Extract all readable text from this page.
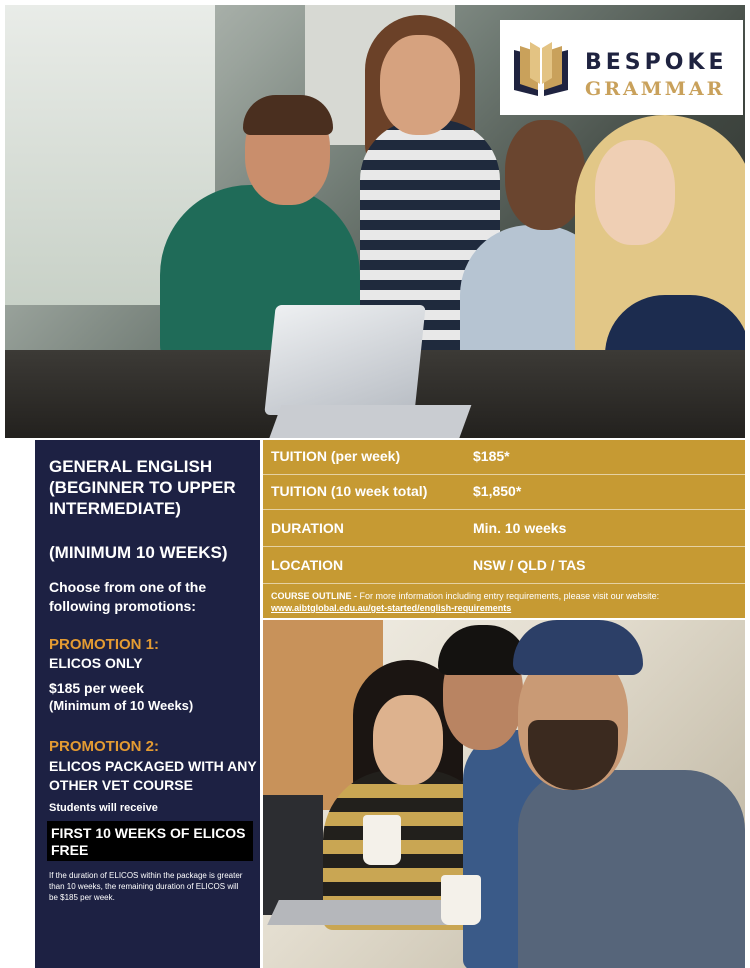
BESPOKE
GRAMMAR
GENERAL ENGLISH (BEGINNER TO UPPER INTERMEDIATE)
(MINIMUM 10 WEEKS)
Choose from one of the following promotions:
PROMOTION 1:
ELICOS ONLY
$185 per week
(Minimum of 10 Weeks)
PROMOTION 2:
ELICOS PACKAGED WITH ANY OTHER VET COURSE
Students will receive
FIRST 10 WEEKS OF ELICOS FREE
If the duration of ELICOS within the package is greater than 10 weeks, the remaining duration of ELICOS will be $185 per week.
TUITION (per week)	$185*
TUITION (10 week total)	$1,850*
DURATION	Min. 10 weeks
LOCATION	NSW / QLD / TAS
COURSE OUTLINE - For more information including entry requirements, please visit our website:
www.aibtglobal.edu.au/get-started/english-requirements
